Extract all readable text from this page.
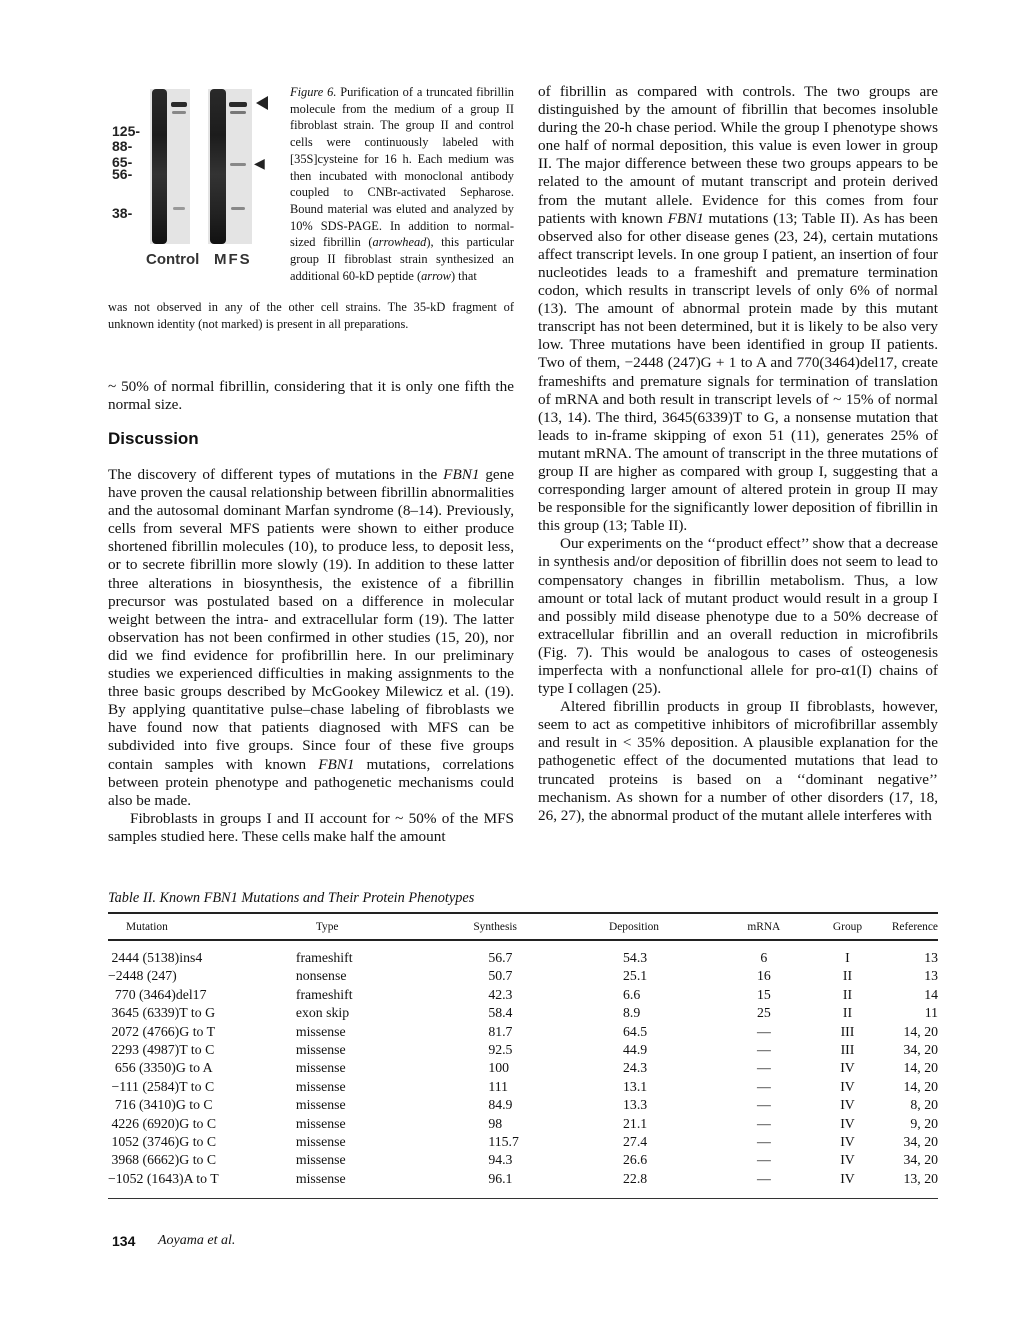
125-
88-
65-
56-
38-
◀
Control MFS
Figure 6. Purification of a truncated fibrillin molecule from the medium of a group II fibroblast strain. The group II and control cells were continuously labeled with [35S]cysteine for 16 h. Each medium was then incubated with monoclonal antibody coupled to CNBr-activated Sepharose. Bound material was eluted and analyzed by 10% SDS-PAGE. In addition to normal-sized fibrillin (arrowhead), this particular group II fibroblast strain synthesized an additional 60-kD peptide (arrow) that
was not observed in any of the other cell strains. The 35-kD fragment of unknown identity (not marked) is present in all preparations.

~ 50% of normal fibrillin, considering that it is only one fifth the normal size.

Discussion

The discovery of different types of mutations in the FBN1 gene have proven the causal relationship between fibrillin abnormalities and the autosomal dominant Marfan syndrome (8–14). Previously, cells from several MFS patients were shown to either produce shortened fibrillin molecules (10), to produce less, to deposit less, or to secrete fibrillin more slowly (19). In addition to these latter three alterations in biosynthesis, the existence of a fibrillin precursor was postulated based on a difference in molecular weight between the intra- and extracellular form (19). The latter observation has not been confirmed in other studies (15, 20), nor did we find evidence for profibrillin here. In our preliminary studies we experienced difficulties in making assignments to the three basic groups described by McGookey Milewicz et al. (19). By applying quantitative pulse–chase labeling of fibroblasts we have found now that patients diagnosed with MFS can be subdivided into five groups. Since four of these five groups contain samples with known FBN1 mutations, correlations between protein phenotype and pathogenetic mechanisms could also be made.

Fibroblasts in groups I and II account for ~ 50% of the MFS samples studied here. These cells make half the amount

of fibrillin as compared with controls. The two groups are distinguished by the amount of fibrillin that becomes insoluble during the 20-h chase period. While the group I phenotype shows one half of normal deposition, this value is even lower in group II. The major difference between these two groups appears to be related to the amount of mutant transcript and protein derived from the mutant allele. Evidence for this comes from four patients with known FBN1 mutations (13; Table II). As has been observed also for other disease genes (23, 24), certain mutations affect transcript levels. In one group I patient, an insertion of four nucleotides leads to a frameshift and premature termination codon, which results in transcript levels of only 6% of normal (13). The amount of abnormal protein made by this mutant transcript has not been determined, but it is likely to be also very low. Three mutations have been identified in group II patients. Two of them, −2448 (247)G + 1 to A and 770(3464)del17, create frameshifts and premature signals for termination of translation of mRNA and both result in transcript levels of ~ 15% of normal (13, 14). The third, 3645(6339)T to G, a nonsense mutation that leads to in-frame skipping of exon 51 (11), generates 25% of mutant mRNA. The amount of transcript in the three mutations of group II are higher as compared with group I, suggesting that a corresponding larger amount of altered protein in group II may be responsible for the significantly lower deposition of fibrillin in this group (13; Table II).

Our experiments on the ‘‘product effect’’ show that a decrease in synthesis and/or deposition of fibrillin does not seem to lead to compensatory changes in fibrillin metabolism. Thus, a low amount or total lack of mutant product would result in a group I and possibly mild disease phenotype due to a 50% decrease of extracellular fibrillin and an overall reduction in microfibrils (Fig. 7). This would be analogous to cases of osteogenesis imperfecta with a nonfunctional allele for pro-α1(I) chains of type I collagen (25).

Altered fibrillin products in group II fibroblasts, however, seem to act as competitive inhibitors of microfibrillar assembly and result in < 35% deposition. A plausible explanation for the pathogenetic effect of the documented mutations that lead to truncated proteins is based on a ‘‘dominant negative’’ mechanism. As shown for a number of other disorders (17, 18, 26, 27), the abnormal product of the mutant allele interferes with

Table II. Known FBN1 Mutations and Their Protein Phenotypes
Mutation	Type	Synthesis	Deposition	mRNA	Group	Reference

2444 (5138)ins4	frameshift	56.7	54.3	6	I	13
−2448 (247)	nonsense	50.7	25.1	16	II	13
770 (3464)del17	frameshift	42.3	6.6	15	II	14
3645 (6339)T to G	exon skip	58.4	8.9	25	II	11
2072 (4766)G to T	missense	81.7	64.5	—	III	14, 20
2293 (4987)T to C	missense	92.5	44.9	—	III	34, 20
656 (3350)G to A	missense	100	24.3	—	IV	14, 20
−111 (2584)T to C	missense	111	13.1	—	IV	14, 20
716 (3410)G to C	missense	84.9	13.3	—	IV	8, 20
4226 (6920)G to C	missense	98	21.1	—	IV	9, 20
1052 (3746)G to C	missense	115.7	27.4	—	IV	34, 20
3968 (6662)G to C	missense	94.3	26.6	—	IV	34, 20
−1052 (1643)A to T	missense	96.1	22.8	—	IV	13, 20
134 Aoyama et al.
